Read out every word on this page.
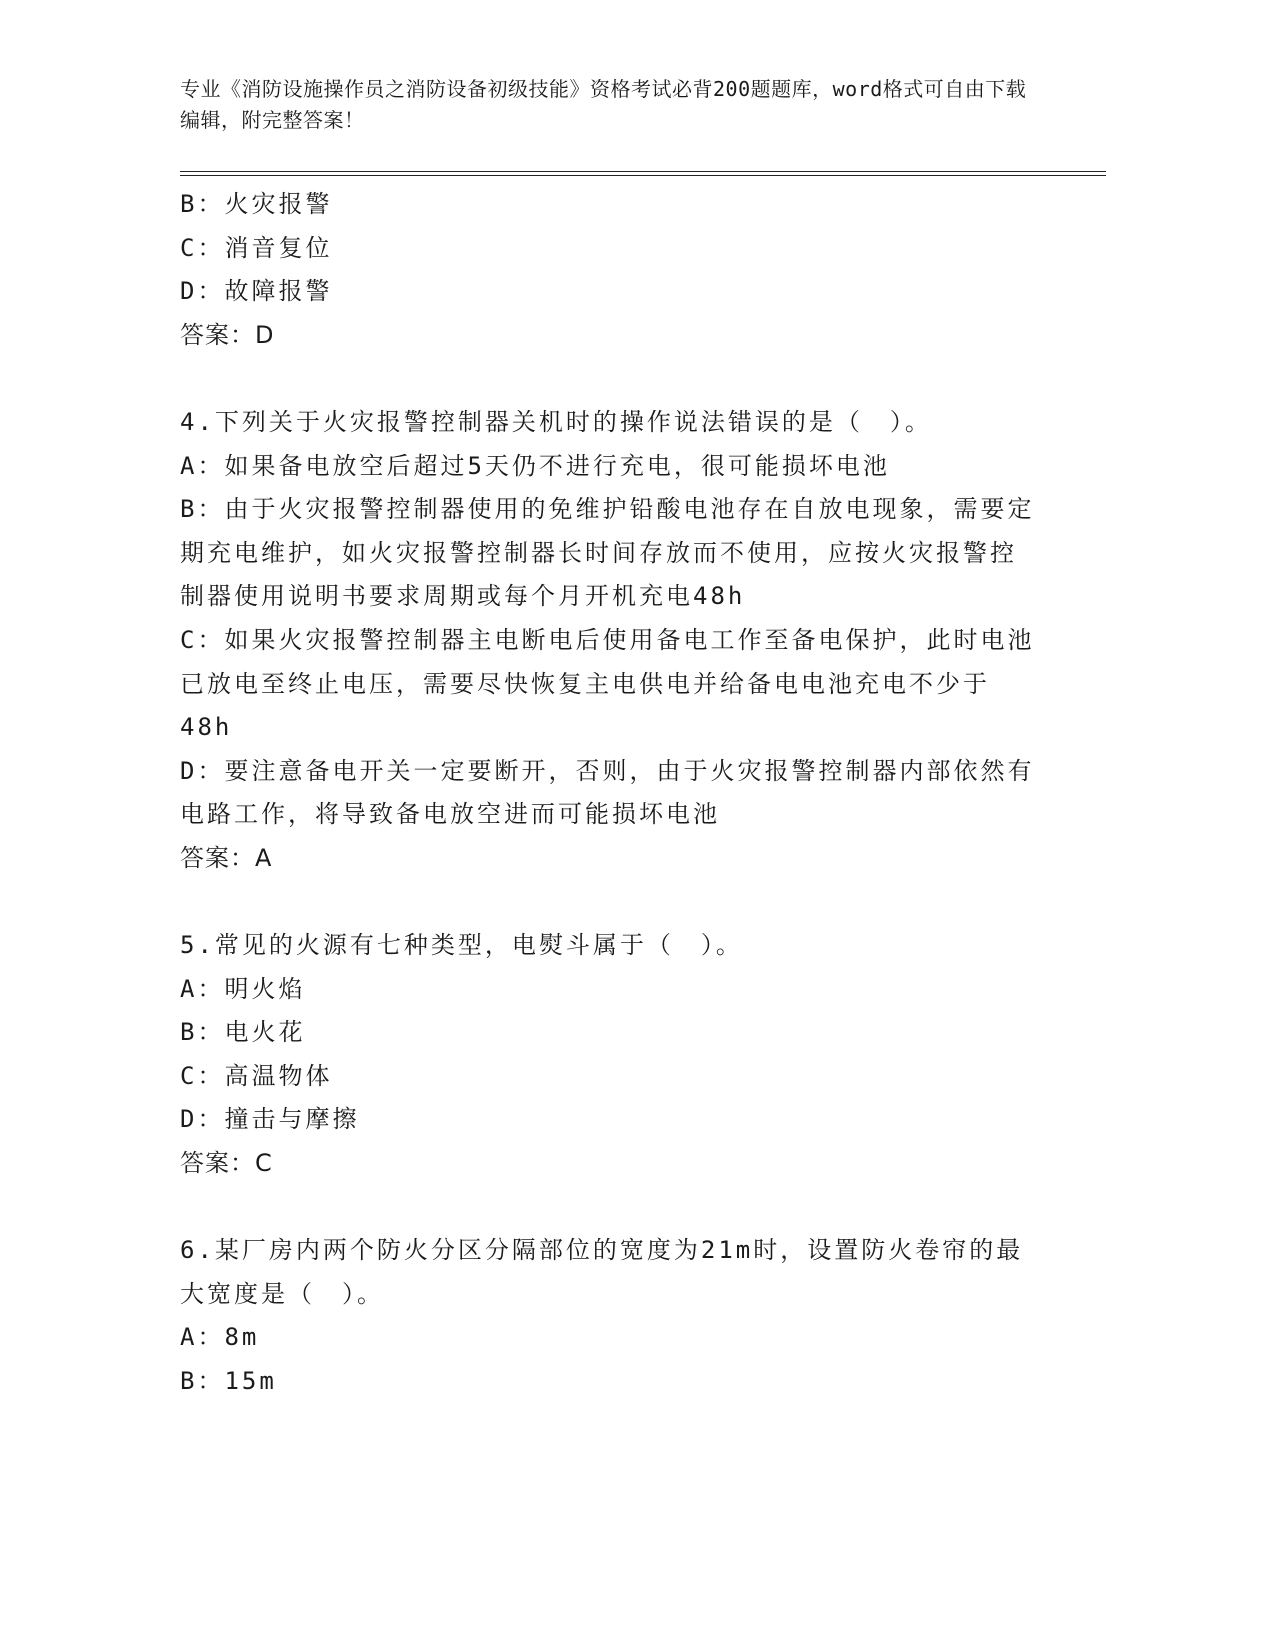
专业《消防设施操作员之消防设备初级技能》资格考试必背200题题库，word格式可自由下载编辑，附完整答案！
B：火灾报警
C：消音复位
D：故障报警
答案：D
4.下列关于火灾报警控制器关机时的操作说法错误的是（　）。
A：如果备电放空后超过5天仍不进行充电，很可能损坏电池
B：由于火灾报警控制器使用的免维护铅酸电池存在自放电现象，需要定期充电维护，如火灾报警控制器长时间存放而不使用，应按火灾报警控制器使用说明书要求周期或每个月开机充电48h
C：如果火灾报警控制器主电断电后使用备电工作至备电保护，此时电池已放电至终止电压，需要尽快恢复主电供电并给备电电池充电不少于48h
D：要注意备电开关一定要断开，否则，由于火灾报警控制器内部依然有电路工作，将导致备电放空进而可能损坏电池
答案：A
5.常见的火源有七种类型，电熨斗属于（　）。
A：明火焰
B：电火花
C：高温物体
D：撞击与摩擦
答案：C
6.某厂房内两个防火分区分隔部位的宽度为21m时，设置防火卷帘的最大宽度是（　）。
A：8m
B：15m
